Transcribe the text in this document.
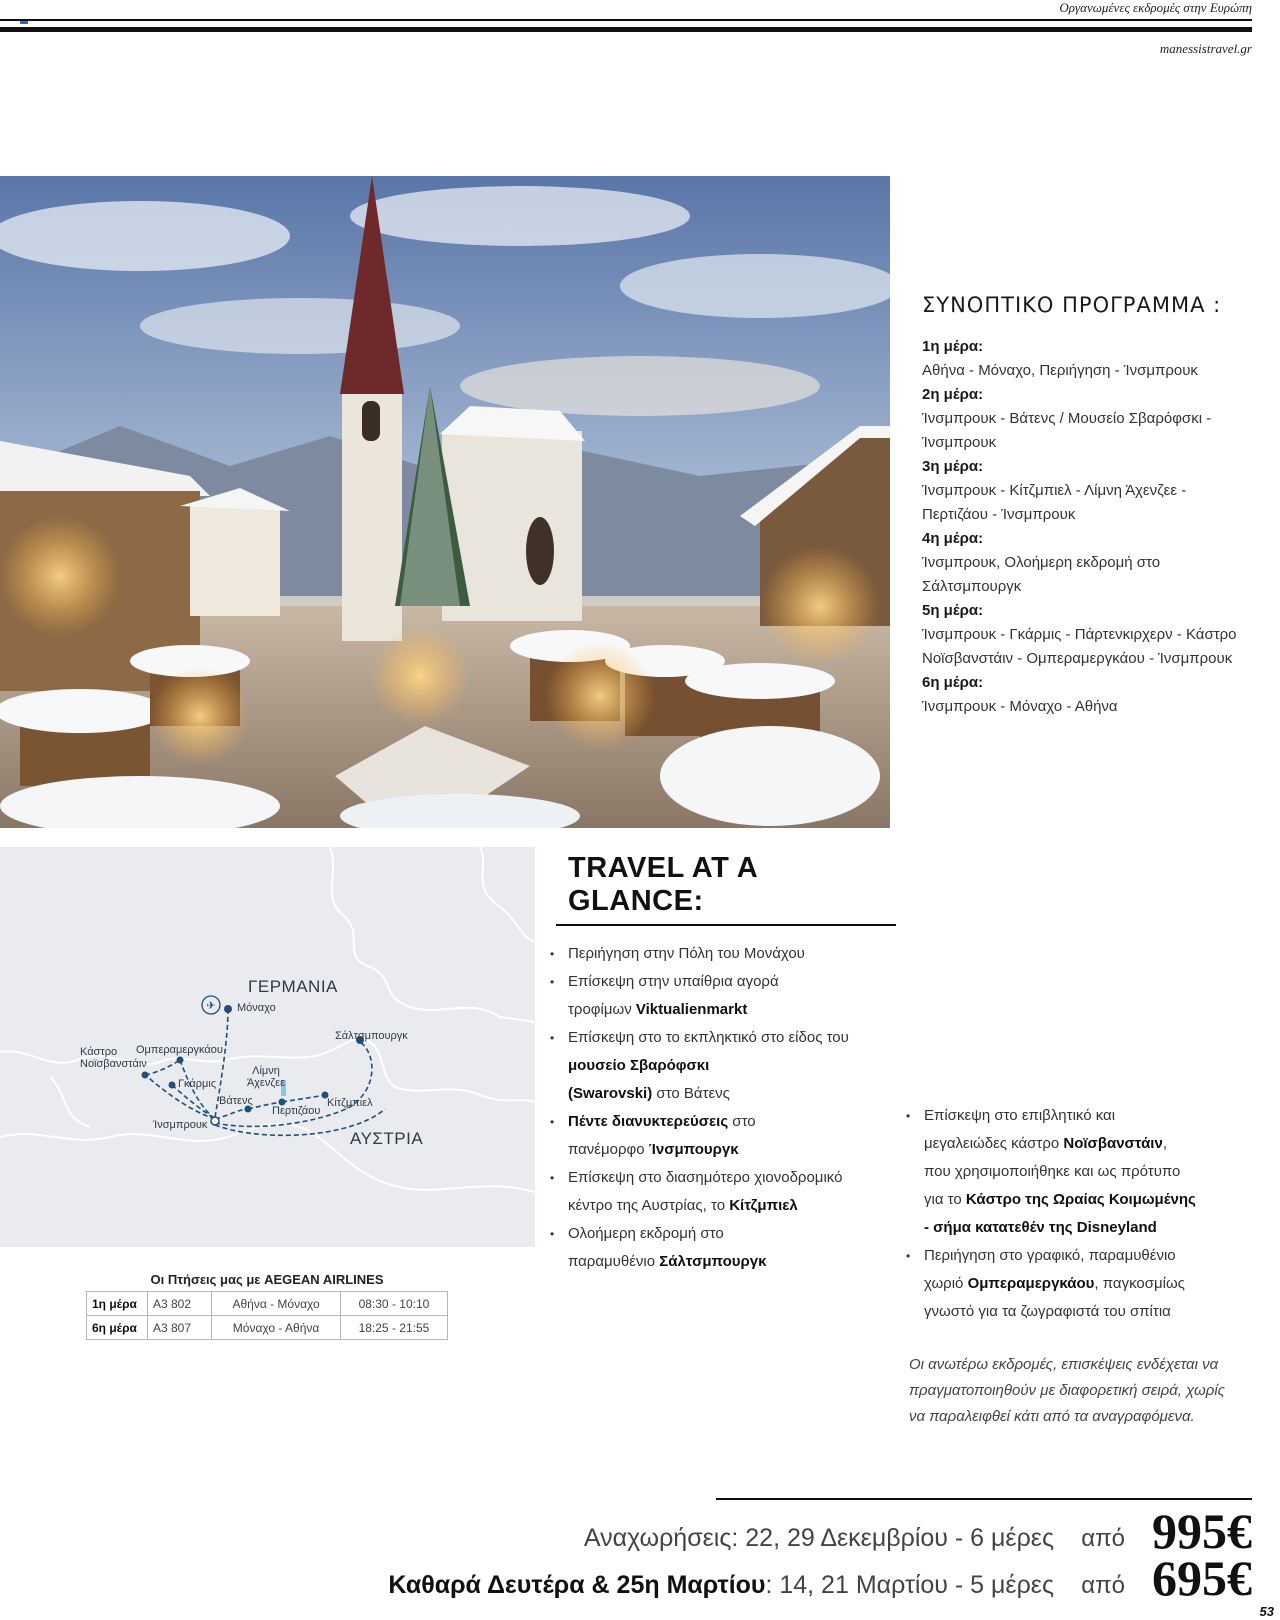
Οργανωμένες εκδρομές στην Ευρώπη
manessistravel.gr
ΣΥΝΟΠΤΙΚΟ ΠΡΟΓΡΑΜΜΑ :
1η μέρα:
Αθήνα - Μόναχο, Περιήγηση - Ίνσμπρουκ
2η μέρα:
Ίνσμπρουκ - Βάτενς / Μουσείο Σβαρόφσκι -
Ίνσμπρουκ
3η μέρα:
Ίνσμπρουκ - Κίτζμπιελ - Λίμνη Άχενζεε -
Περτιζάου - Ίνσμπρουκ
4η μέρα:
Ίνσμπρουκ, Ολοήμερη εκδρομή στο
Σάλτσμπουργκ
5η μέρα:
Ίνσμπρουκ - Γκάρμις - Πάρτενκιρχερν - Κάστρο
Νοϊσβανστάιν - Ομπεραμεργκάου - Ίνσμπρουκ
6η μέρα:
Ίνσμπρουκ - Μόναχο - Αθήνα
✈
ΓΕΡΜΑΝΙΑ
ΑΥΣΤΡΙΑ
Μόναχο
Σάλτσμπουργκ
Κάστρο Νοϊσβανστάιν
Ομπεραμεργκάου
Γκάρμις
Λίμνη Άχενζεε
Βάτενς
Περτιζάου
Κίτζμπιελ
Ίνσμπρουκ
Οι Πτήσεις μας με AEGEAN AIRLINES
1η μέρα	A3 802	Αθήνα - Μόναχο	08:30 - 10:10
6η μέρα	A3 807	Μόναχο - Αθήνα	18:25 - 21:55
TRAVEL AT A GLANCE:
• Περιήγηση στην Πόλη του Μονάχου
• Επίσκεψη στην υπαίθρια αγορά
τροφίμων Viktualienmarkt
• Επίσκεψη στο το εκπληκτικό στο είδος του
μουσείο Σβαρόφσκι
(Swarovski) στο Βάτενς
• Πέντε διανυκτερεύσεις στο
πανέμορφο Ίνσμπουργκ
• Επίσκεψη στο διασημότερο χιονοδρομικό
κέντρο της Αυστρίας, το Κίτζμπιελ
• Ολοήμερη εκδρομή στο
παραμυθένιο Σάλτσμπουργκ
• Επίσκεψη στο επιβλητικό και
μεγαλειώδες κάστρο Νοϊσβανστάιν,
που χρησιμοποιήθηκε και ως πρότυπο
για το Κάστρο της Ωραίας Κοιμωμένης
- σήμα κατατεθέν της Disneyland
• Περιήγηση στο γραφικό, παραμυθένιο
χωριό Ομπεραμεργκάου, παγκοσμίως
γνωστό για τα ζωγραφιστά του σπίτια
Οι ανωτέρω εκδρομές, επισκέψεις ενδέχεται να πραγματοποιηθούν με διαφορετική σειρά, χωρίς να παραλειφθεί κάτι από τα αναγραφόμενα.
Αναχωρήσεις: 22, 29 Δεκεμβρίου - 6 μέρες από 995€
Καθαρά Δευτέρα & 25η Μαρτίου: 14, 21 Μαρτίου - 5 μέρες από 695€
53
